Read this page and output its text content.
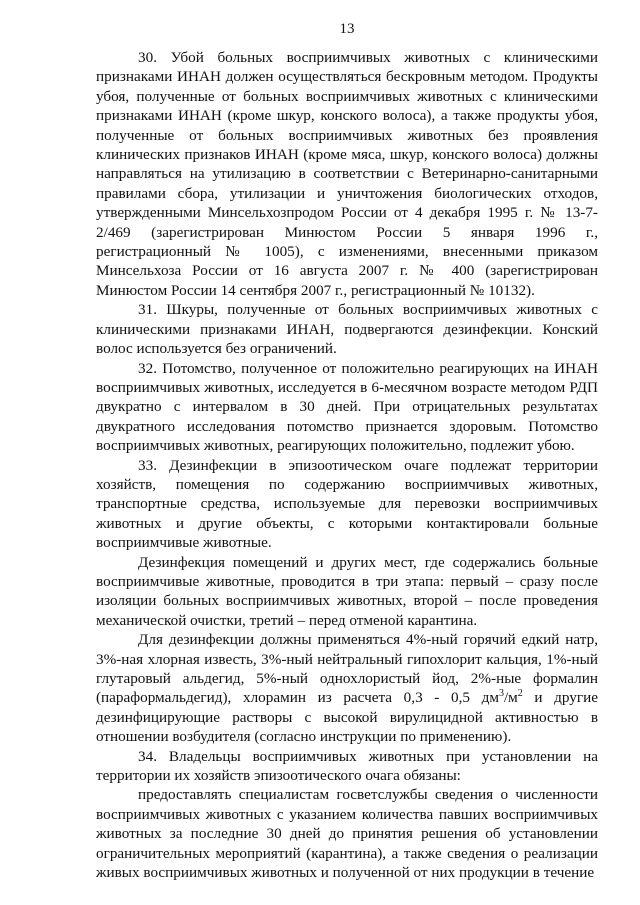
13

30. Убой больных восприимчивых животных с клиническими признаками ИНАН должен осуществляться бескровным методом. Продукты убоя, полученные от больных восприимчивых животных с клиническими признаками ИНАН (кроме шкур, конского волоса), а также продукты убоя, полученные от больных восприимчивых животных без проявления клинических признаков ИНАН (кроме мяса, шкур, конского волоса) должны направляться на утилизацию в соответствии с Ветеринарно-санитарными правилами сбора, утилизации и уничтожения биологических отходов, утвержденными Минсельхозпродом России от 4 декабря 1995 г. № 13-7-2/469 (зарегистрирован Минюстом России 5 января 1996 г., регистрационный № 1005), с изменениями, внесенными приказом Минсельхоза России от 16 августа 2007 г. № 400 (зарегистрирован Минюстом России 14 сентября 2007 г., регистрационный № 10132).

31. Шкуры, полученные от больных восприимчивых животных с клиническими признаками ИНАН, подвергаются дезинфекции. Конский волос используется без ограничений.

32. Потомство, полученное от положительно реагирующих на ИНАН восприимчивых животных, исследуется в 6-месячном возрасте методом РДП двукратно с интервалом в 30 дней. При отрицательных результатах двукратного исследования потомство признается здоровым. Потомство восприимчивых животных, реагирующих положительно, подлежит убою.

33. Дезинфекции в эпизоотическом очаге подлежат территории хозяйств, помещения по содержанию восприимчивых животных, транспортные средства, используемые для перевозки восприимчивых животных и другие объекты, с которыми контактировали больные восприимчивые животные.

Дезинфекция помещений и других мест, где содержались больные восприимчивые животные, проводится в три этапа: первый – сразу после изоляции больных восприимчивых животных, второй – после проведения механической очистки, третий – перед отменой карантина.

Для дезинфекции должны применяться 4%-ный горячий едкий натр, 3%-ная хлорная известь, 3%-ный нейтральный гипохлорит кальция, 1%-ный глутаровый альдегид, 5%-ный однохлористый йод, 2%-ные формалин (параформальдегид), хлорамин из расчета 0,3 - 0,5 $дм^3/м^2$ и другие дезинфицирующие растворы с высокой вирулицидной активностью в отношении возбудителя (согласно инструкции по применению).

34. Владельцы восприимчивых животных при установлении на территории их хозяйств эпизоотического очага обязаны:

предоставлять специалистам госветслужбы сведения о численности восприимчивых животных с указанием количества павших восприимчивых животных за последние 30 дней до принятия решения об установлении ограничительных мероприятий (карантина), а также сведения о реализации живых восприимчивых животных и полученной от них продукции в течение
